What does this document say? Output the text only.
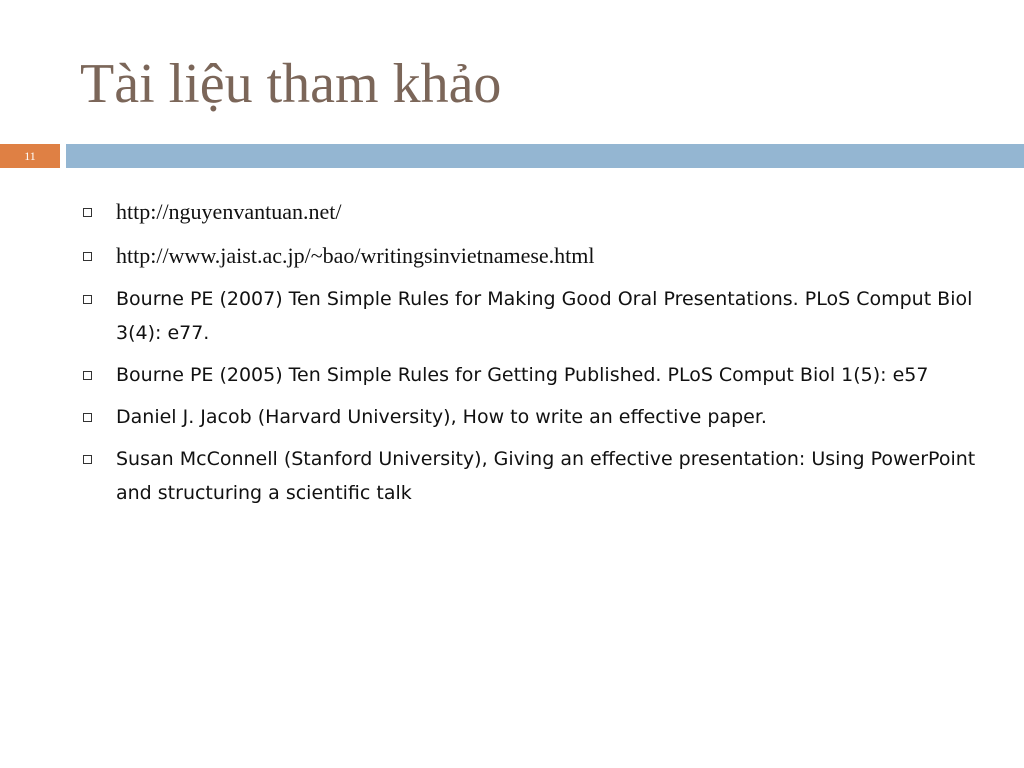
Tài liệu tham khảo
11
http://nguyenvantuan.net/
http://www.jaist.ac.jp/~bao/writingsinvietnamese.html
Bourne PE (2007) Ten Simple Rules for Making Good Oral Presentations. PLoS Comput Biol 3(4): e77.
Bourne PE (2005) Ten Simple Rules for Getting Published. PLoS Comput Biol 1(5): e57
Daniel J. Jacob (Harvard University), How to write an effective paper.
Susan McConnell (Stanford University), Giving an effective presentation: Using PowerPoint and structuring a scientific talk
